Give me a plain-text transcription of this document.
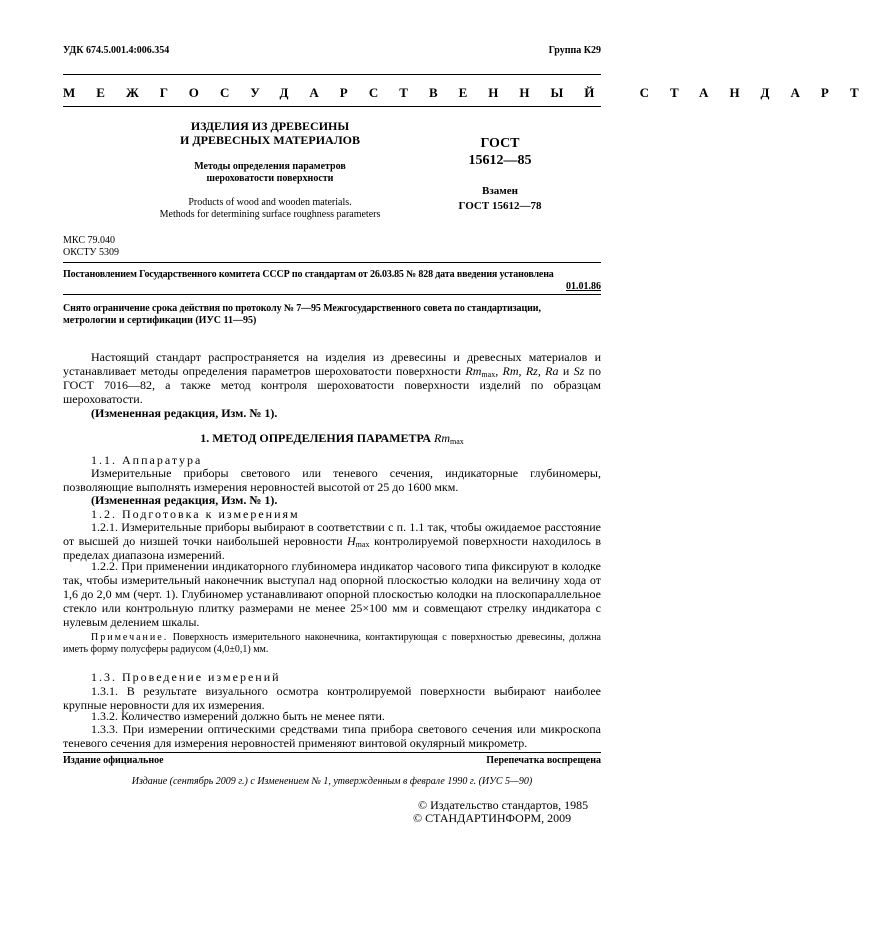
УДК 674.5.001.4:006.354	Группа К29
МЕЖГОСУДАРСТВЕННЫЙ СТАНДАРТ
ИЗДЕЛИЯ ИЗ ДРЕВЕСИНЫ
И ДРЕВЕСНЫХ МАТЕРИАЛОВ
Методы определения параметров
шероховатости поверхности
Products of wood and wooden materials.
Methods for determining surface roughness parameters
ГОСТ
15612—85
Взамен
ГОСТ 15612—78
МКС 79.040
ОКСТУ 5309
Постановлением Государственного комитета СССР по стандартам от 26.03.85 № 828 дата введения установлена
01.01.86
Снято ограничение срока действия по протоколу № 7—95 Межгосударственного совета по стандартизации,
метрологии и сертификации (ИУС 11—95)
Настоящий стандарт распространяется на изделия из древесины и древесных материалов и устанавливает методы определения параметров шероховатости поверхности $Rm_{max}$, Rm, Rz, Ra и Sz по ГОСТ 7016—82, а также метод контроля шероховатости поверхности изделий по образцам шероховатости.
(Измененная редакция, Изм. № 1).
1. МЕТОД ОПРЕДЕЛЕНИЯ ПАРАМЕТРА $Rm_{max}$
1.1. Аппаратура
Измерительные приборы светового или теневого сечения, индикаторные глубиномеры, позволяющие выполнять измерения неровностей высотой от 25 до 1600 мкм.
(Измененная редакция, Изм. № 1).
1.2. Подготовка к измерениям
1.2.1. Измерительные приборы выбирают в соответствии с п. 1.1 так, чтобы ожидаемое расстояние от высшей до низшей точки наибольшей неровности $H_{max}$ контролируемой поверхности находилось в пределах диапазона измерений.
1.2.2. При применении индикаторного глубиномера индикатор часового типа фиксируют в колодке так, чтобы измерительный наконечник выступал над опорной плоскостью колодки на величину хода от 1,6 до 2,0 мм (черт. 1). Глубиномер устанавливают опорной плоскостью колодки на плоскопараллельное стекло или контрольную плитку размерами не менее 25×100 мм и совмещают стрелку индикатора с нулевым делением шкалы.
Примечание. Поверхность измерительного наконечника, контактирующая с поверхностью древесины, должна иметь форму полусферы радиусом (4,0±0,1) мм.
1.3. Проведение измерений
1.3.1. В результате визуального осмотра контролируемой поверхности выбирают наиболее крупные неровности для их измерения.
1.3.2. Количество измерений должно быть не менее пяти.
1.3.3. При измерении оптическими средствами типа прибора светового сечения или микроскопа теневого сечения для измерения неровностей применяют винтовой окулярный микрометр.
Издание официальное	Перепечатка воспрещена
Издание (сентябрь 2009 г.) с Изменением № 1, утвержденным в феврале 1990 г. (ИУС 5—90)
© Издательство стандартов, 1985
© СТАНДАРТИНФОРМ, 2009
